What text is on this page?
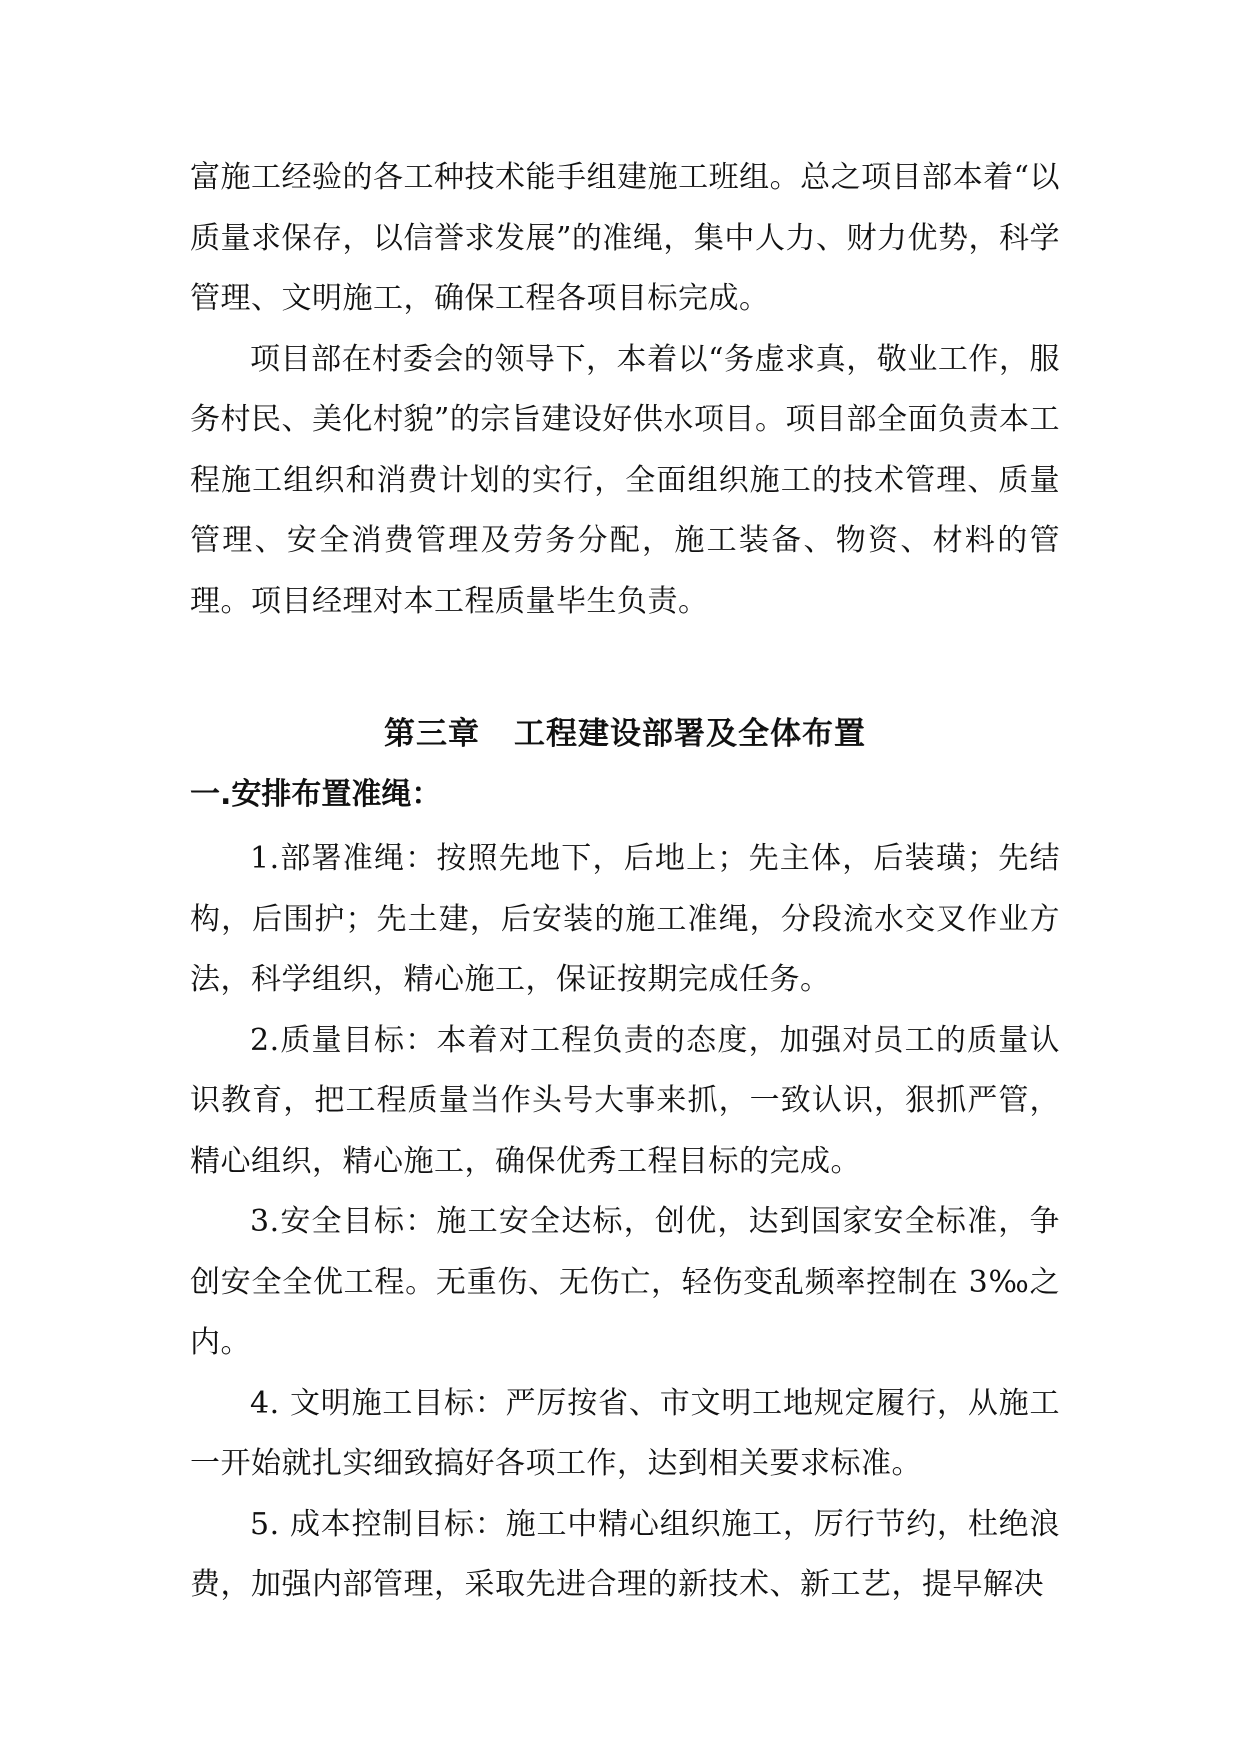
富施工经验的各工种技术能手组建施工班组。总之项目部本着“以质量求保存，以信誉求发展”的准绳，集中人力、财力优势，科学管理、文明施工，确保工程各项目标完成。

项目部在村委会的领导下，本着以“务虚求真，敬业工作，服务村民、美化村貌”的宗旨建设好供水项目。项目部全面负责本工程施工组织和消费计划的实行，全面组织施工的技术管理、质量管理、安全消费管理及劳务分配，施工装备、物资、材料的管理。项目经理对本工程质量毕生负责。

第三章 工程建设部署及全体布置
一.安排布置准绳：

1.部署准绳：按照先地下，后地上；先主体，后装璜；先结构，后围护；先土建，后安装的施工准绳，分段流水交叉作业方法，科学组织，精心施工，保证按期完成任务。

2.质量目标：本着对工程负责的态度，加强对员工的质量认识教育，把工程质量当作头号大事来抓，一致认识，狠抓严管，精心组织，精心施工，确保优秀工程目标的完成。

3.安全目标：施工安全达标，创优，达到国家安全标准，争创安全全优工程。无重伤、无伤亡，轻伤变乱频率控制在 3‰之内。

4. 文明施工目标：严厉按省、市文明工地规定履行，从施工一开始就扎实细致搞好各项工作，达到相关要求标准。

5. 成本控制目标：施工中精心组织施工，厉行节约，杜绝浪费，加强内部管理，采取先进合理的新技术、新工艺，提早解决
